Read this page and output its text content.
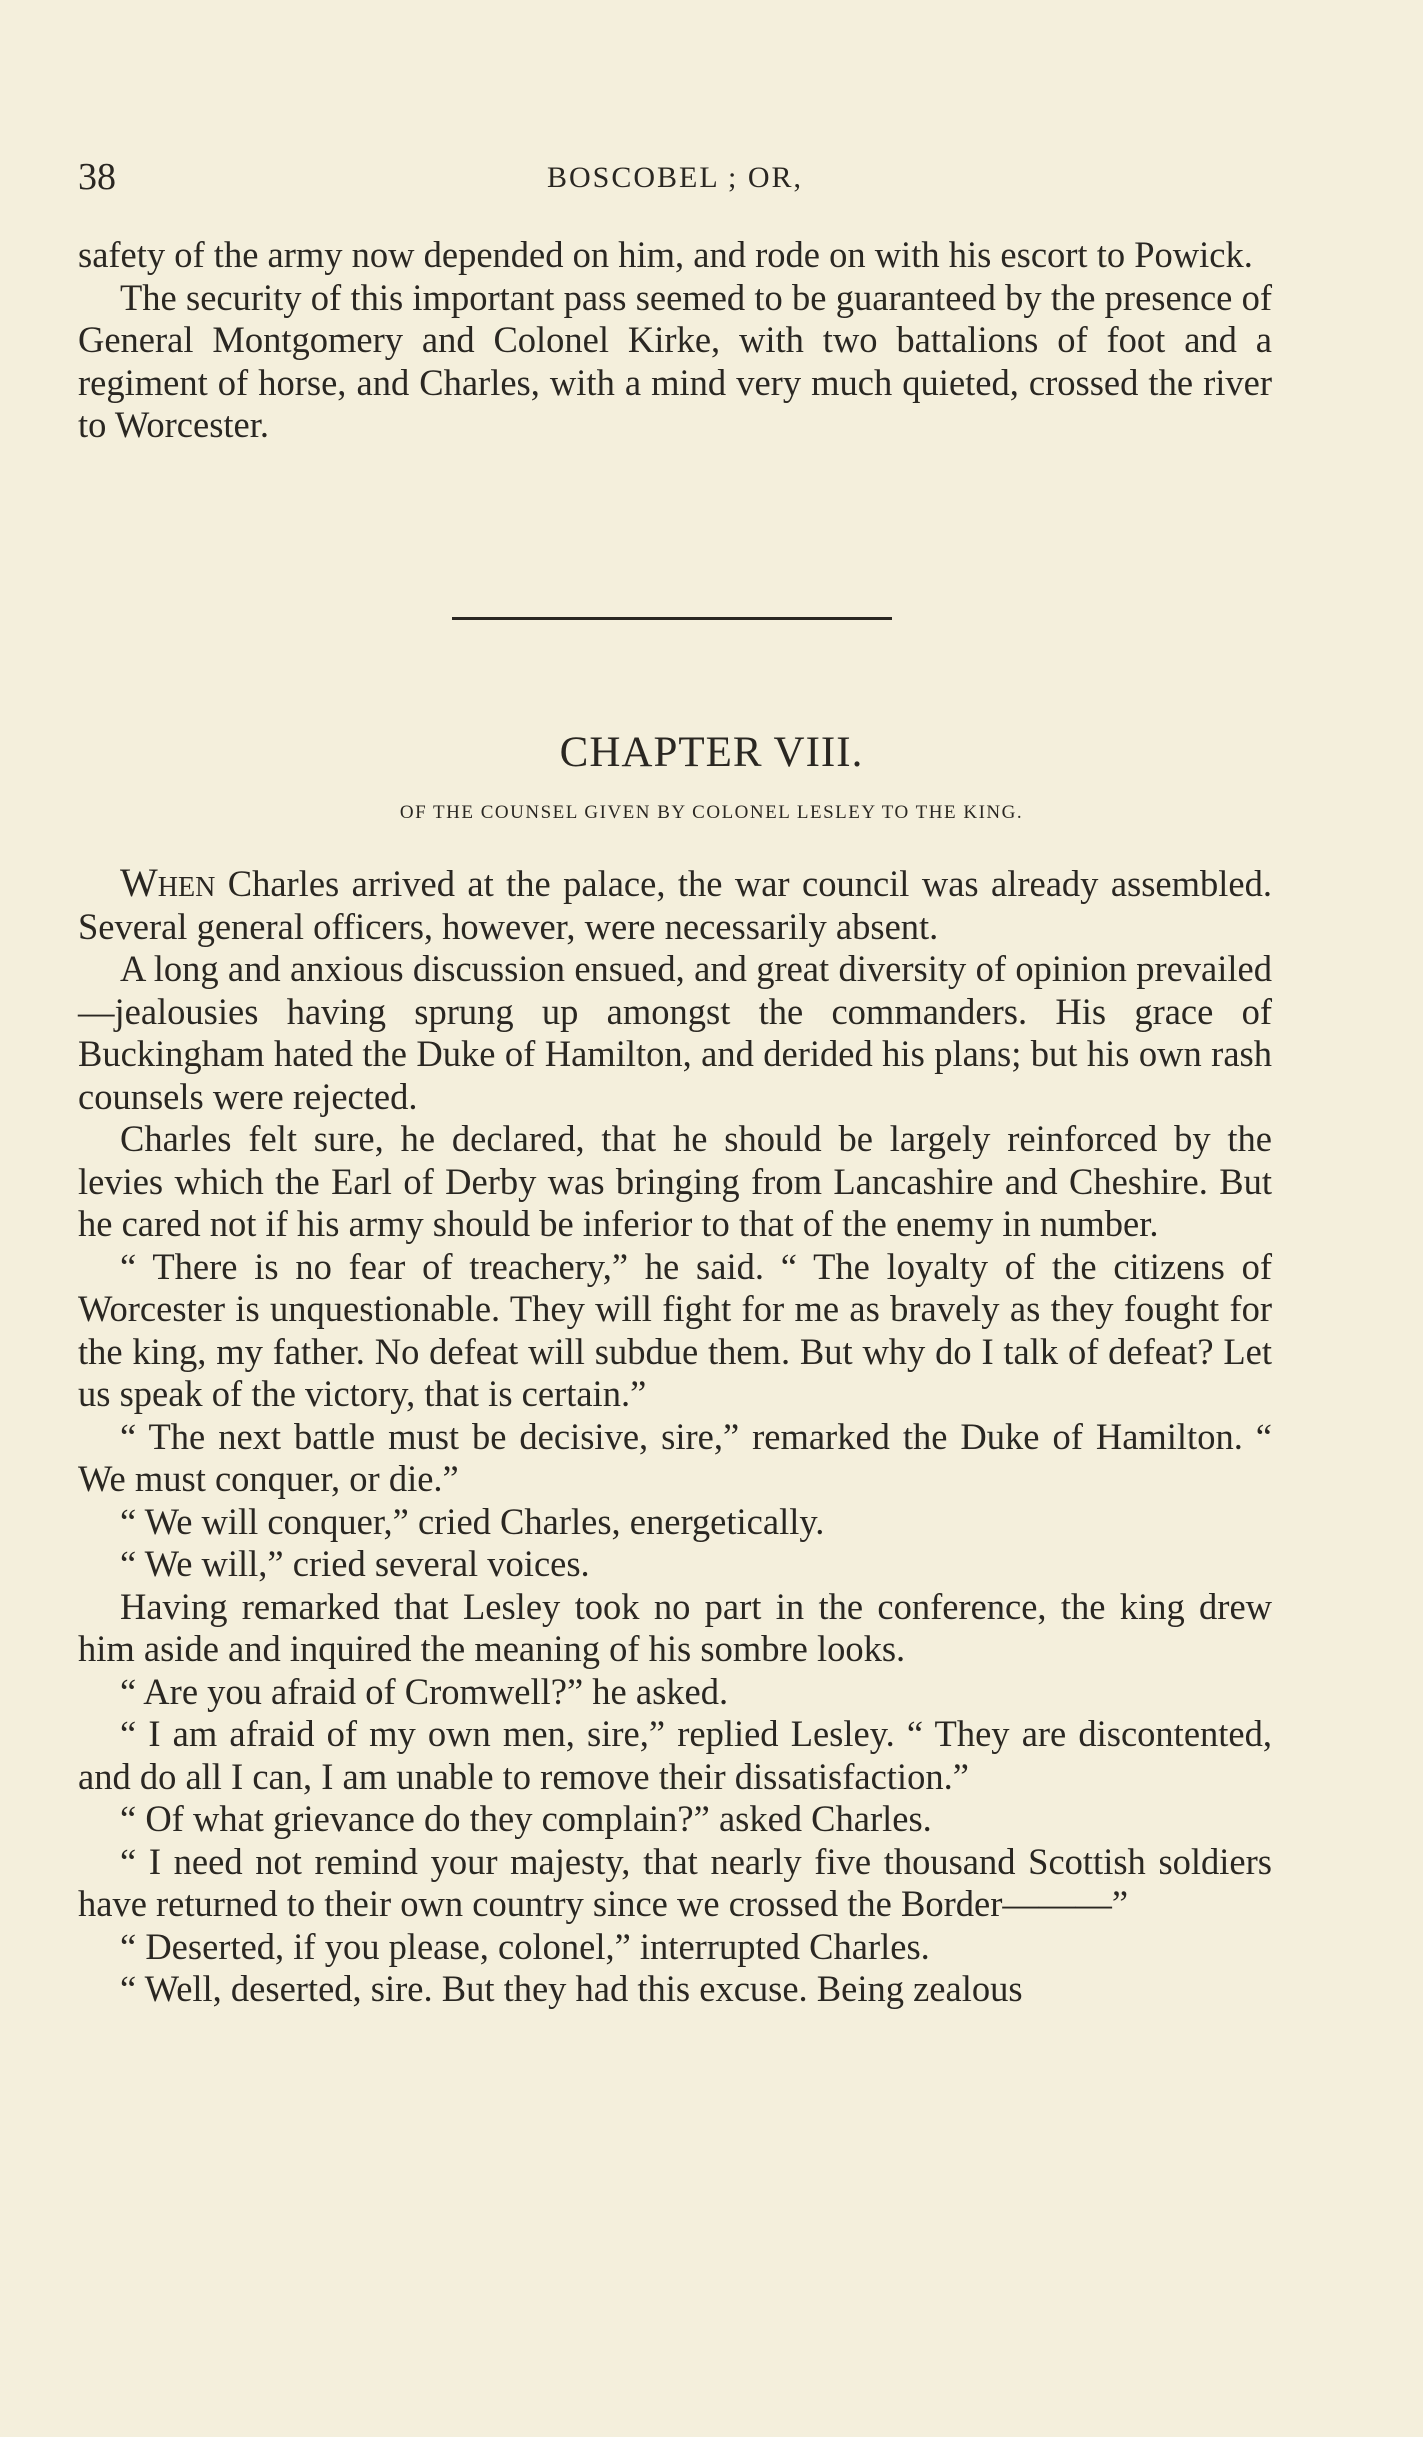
38	BOSCOBEL ; OR,

safety of the army now depended on him, and rode on with his escort to Powick.

The security of this important pass seemed to be guaranteed by the presence of General Montgomery and Colonel Kirke, with two battalions of foot and a regiment of horse, and Charles, with a mind very much quieted, crossed the river to Worcester.

CHAPTER VIII.
OF THE COUNSEL GIVEN BY COLONEL LESLEY TO THE KING.

When Charles arrived at the palace, the war council was already assembled. Several general officers, however, were necessarily absent.

A long and anxious discussion ensued, and great diversity of opinion prevailed—jealousies having sprung up amongst the commanders. His grace of Buckingham hated the Duke of Hamilton, and derided his plans; but his own rash counsels were rejected.

Charles felt sure, he declared, that he should be largely reinforced by the levies which the Earl of Derby was bringing from Lancashire and Cheshire. But he cared not if his army should be inferior to that of the enemy in number.

“ There is no fear of treachery,” he said. “ The loyalty of the citizens of Worcester is unquestionable. They will fight for me as bravely as they fought for the king, my father. No defeat will subdue them. But why do I talk of defeat? Let us speak of the victory, that is certain.”

“ The next battle must be decisive, sire,” remarked the Duke of Hamilton. “ We must conquer, or die.”

“ We will conquer,” cried Charles, energetically.

“ We will,” cried several voices.

Having remarked that Lesley took no part in the conference, the king drew him aside and inquired the meaning of his sombre looks.

“ Are you afraid of Cromwell?” he asked.

“ I am afraid of my own men, sire,” replied Lesley. “ They are discontented, and do all I can, I am unable to remove their dissatisfaction.”

“ Of what grievance do they complain?” asked Charles.

“ I need not remind your majesty, that nearly five thousand Scottish soldiers have returned to their own country since we crossed the Border———”

“ Deserted, if you please, colonel,” interrupted Charles.

“ Well, deserted, sire. But they had this excuse. Being zealous
